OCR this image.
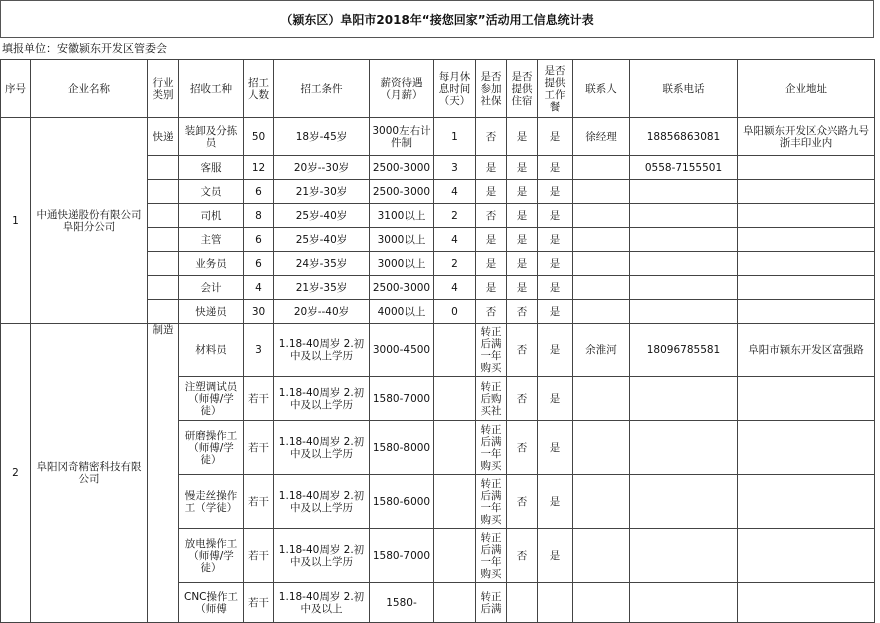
（颍东区）阜阳市2018年“接您回家”活动用工信息统计表
填报单位：安徽颍东开发区管委会
序号	企业名称	行业类别	招收工种	招工人数	招工条件	薪资待遇（月薪）	每月休息时间（天）	是否参加社保	是否提供住宿	是否提供工作餐	联系人	联系电话	企业地址

1	中通快递股份有限公司阜阳分公司	快递	装卸及分拣员	50	18岁-45岁	3000左右计件制	1	否	是	是	徐经理	18856863081	阜阳颍东开发区众兴路九号浙丰印业内

			客服	12	20岁--30岁	2500-3000	3	是	是	是		0558-7155501	

			文员	6	21岁-30岁	2500-3000	4	是	是	是			

			司机	8	25岁-40岁	3100以上	2	否	是	是			

			主管	6	25岁-40岁	3000以上	4	是	是	是			

			业务员	6	24岁-35岁	3000以上	2	是	是	是			

			会计	4	21岁-35岁	2500-3000	4	是	是	是			

			快递员	30	20岁--40岁	4000以上	0	否	否	是			

2	阜阳冈奇精密科技有限公司	制造	材料员	3	1.18-40周岁 2.初中及以上学历	3000-4500		转正后满一年购买	否	是	余淮河	18096785581	阜阳市颍东开发区富强路

			注塑调试员（师傅/学徒）	若干	1.18-40周岁 2.初中及以上学历	1580-7000		转正后购买社	否	是			

			研磨操作工（师傅/学徒）	若干	1.18-40周岁 2.初中及以上学历	1580-8000		转正后满一年购买	否	是			

			慢走丝操作工（学徒）	若干	1.18-40周岁 2.初中及以上学历	1580-6000		转正后满一年购买	否	是			

			放电操作工（师傅/学徒）	若干	1.18-40周岁 2.初中及以上学历	1580-7000		转正后满一年购买	否	是			

			CNC操作工（师傅	若干	1.18-40周岁 2.初中及以上	1580-		转正后满					
